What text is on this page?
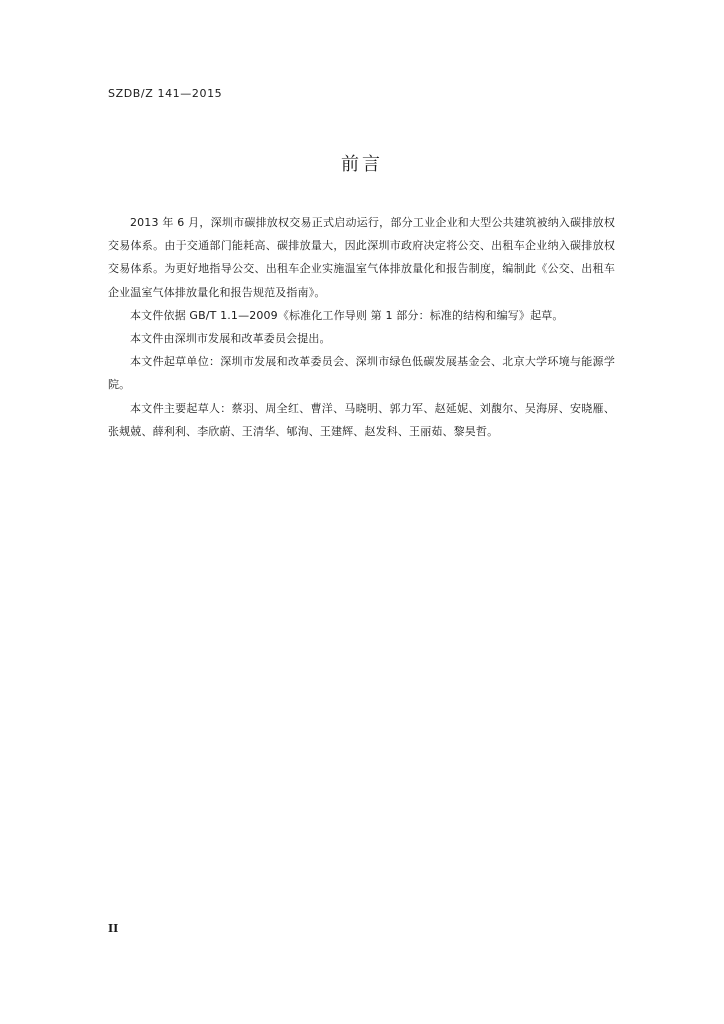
SZDB/Z 141—2015
前言

2013 年 6 月，深圳市碳排放权交易正式启动运行，部分工业企业和大型公共建筑被纳入碳排放权交易体系。由于交通部门能耗高、碳排放量大，因此深圳市政府决定将公交、出租车企业纳入碳排放权交易体系。为更好地指导公交、出租车企业实施温室气体排放量化和报告制度，编制此《公交、出租车企业温室气体排放量化和报告规范及指南》。

本文件依据 GB/T 1.1—2009《标准化工作导则 第 1 部分：标准的结构和编写》起草。

本文件由深圳市发展和改革委员会提出。

本文件起草单位：深圳市发展和改革委员会、深圳市绿色低碳发展基金会、北京大学环境与能源学院。

本文件主要起草人：蔡羽、周全红、曹洋、马晓明、郭力军、赵延妮、刘馥尔、吴海屏、安晓雁、张觌兢、薛利利、李欣蔚、王清华、郇洵、王建辉、赵发科、王丽茹、黎昊哲。

II
